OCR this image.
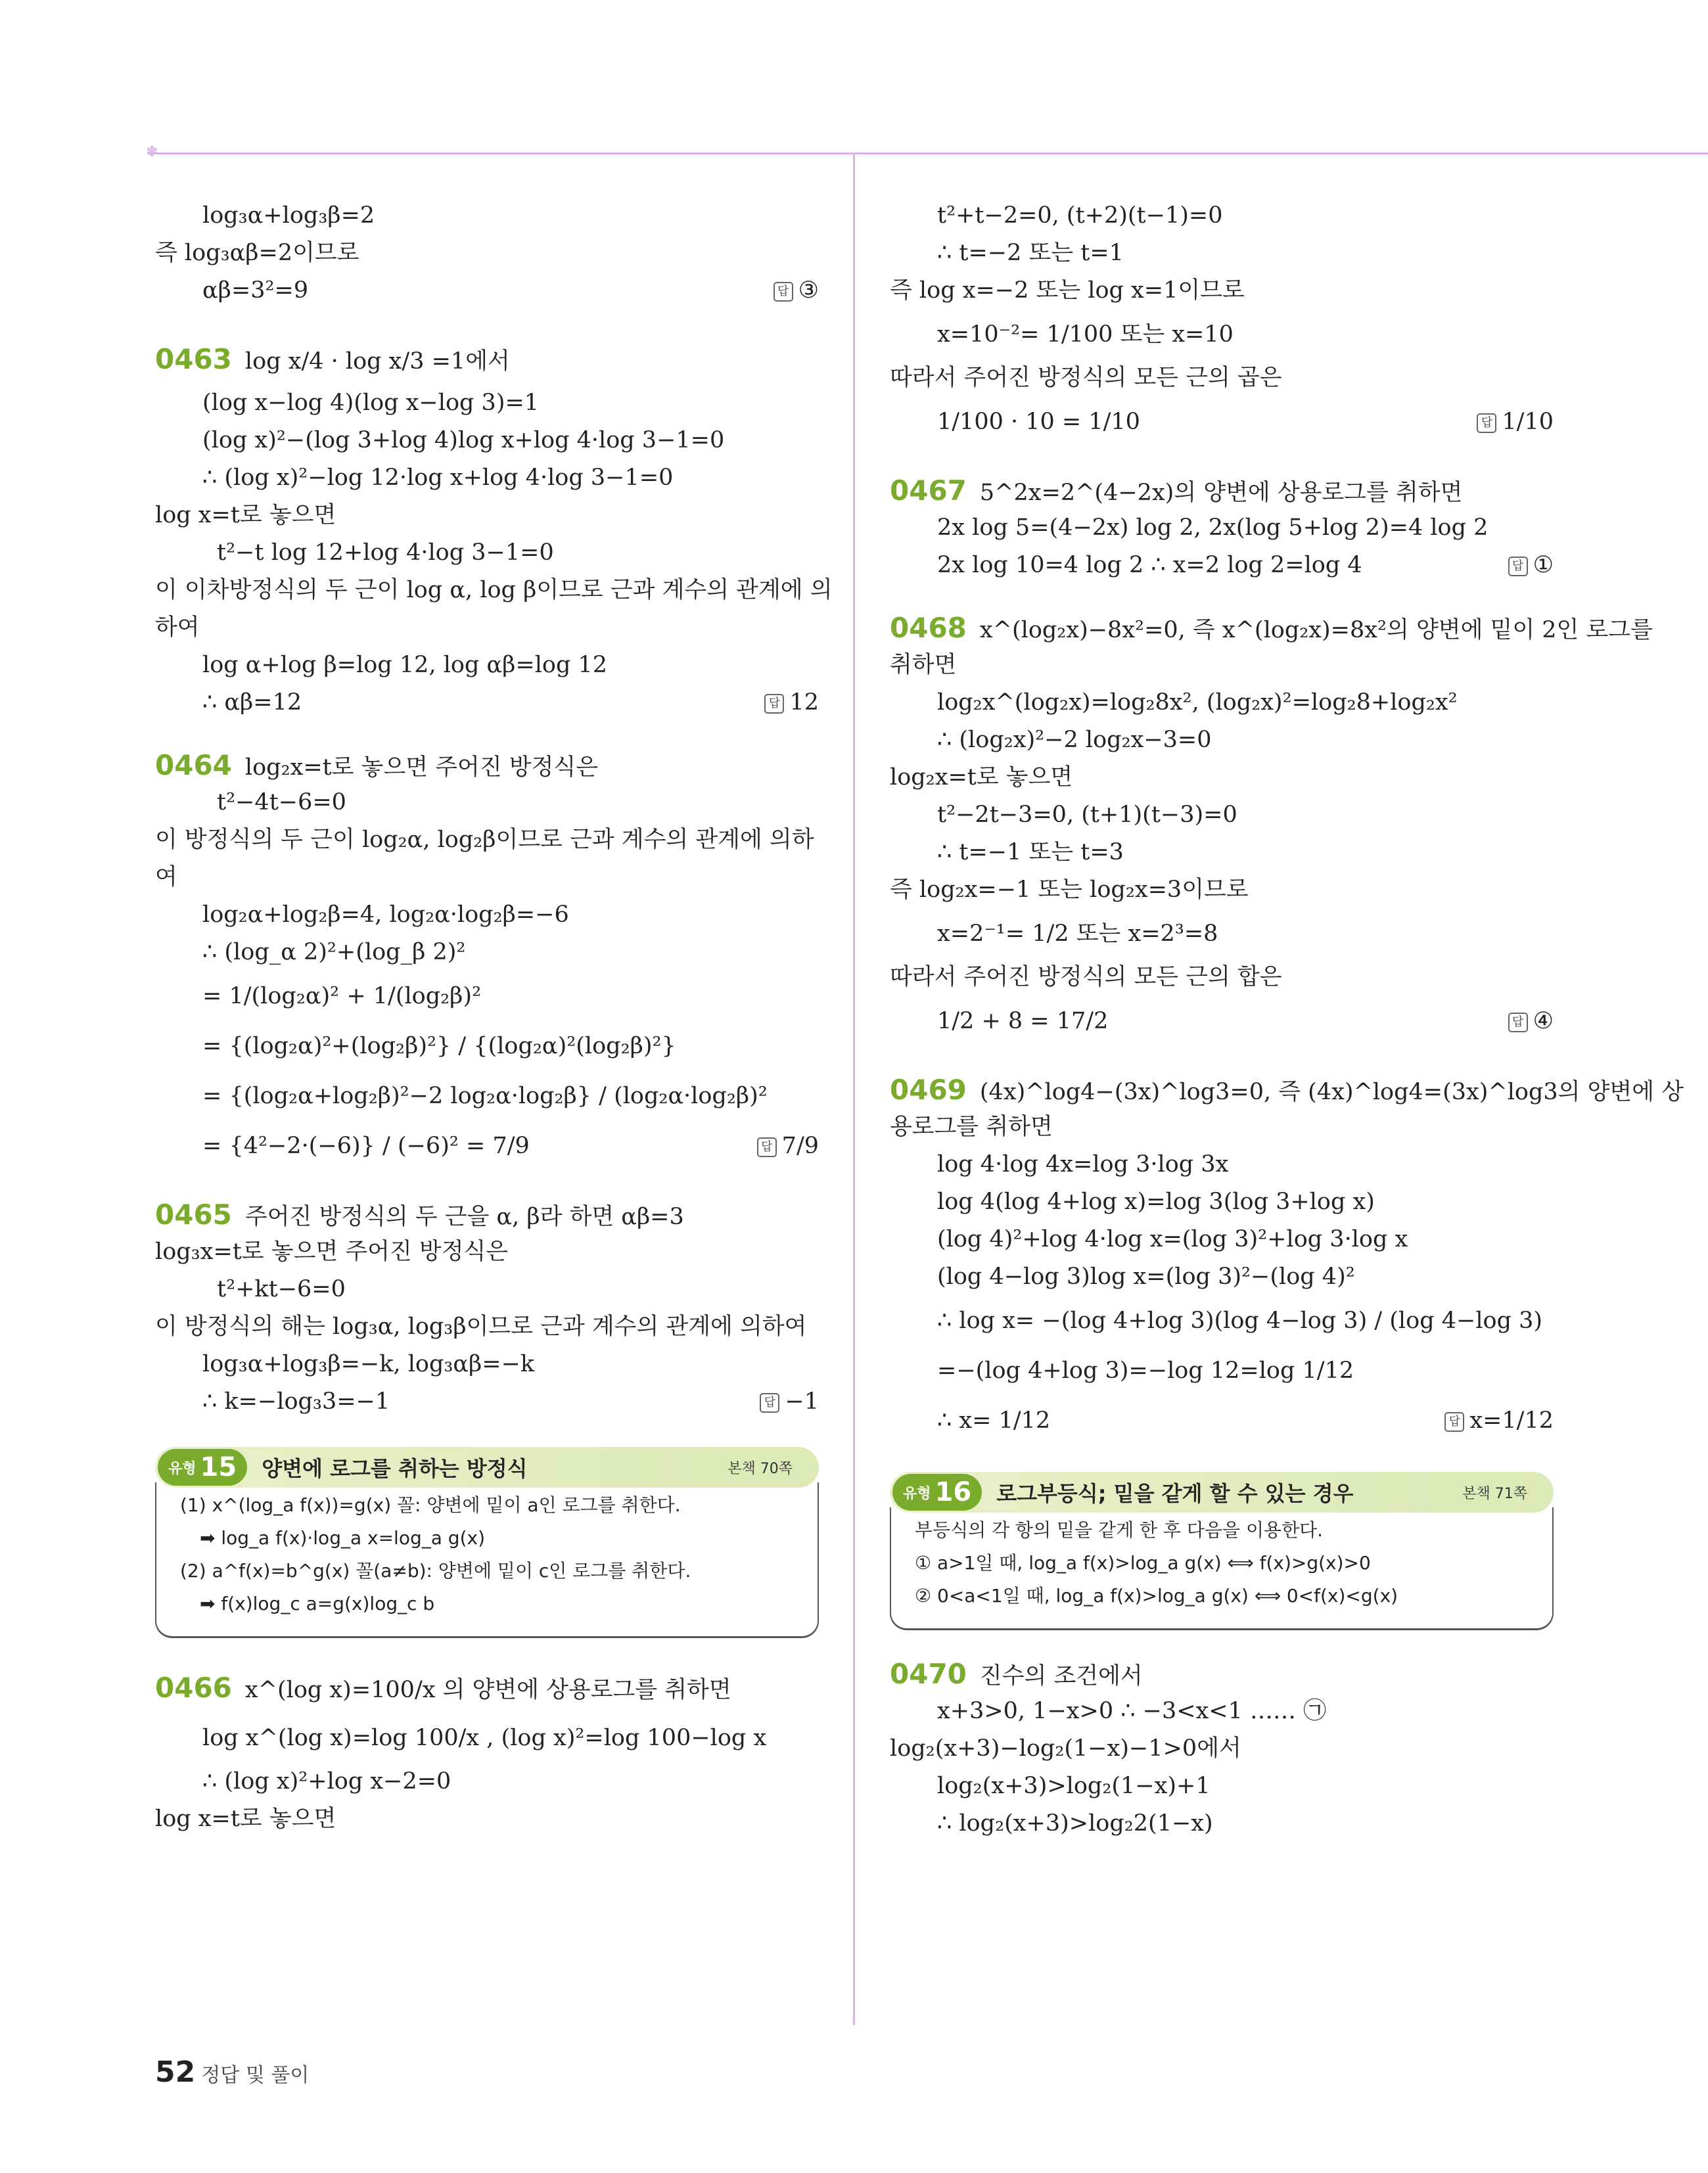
✽
log₃α+log₃β=2
즉 log₃αβ=2이므로
αβ=3²=9	답 ③
0463 log x/4 · log x/3 =1에서
(log x−log 4)(log x−log 3)=1
(log x)²−(log 3+log 4)log x+log 4·log 3−1=0
∴ (log x)²−log 12·log x+log 4·log 3−1=0
log x=t로 놓으면
t²−t log 12+log 4·log 3−1=0
이 이차방정식의 두 근이 log α, log β이므로 근과 계수의 관계에 의
하여
log α+log β=log 12, log αβ=log 12
∴ αβ=12	답 12
0464 log₂x=t로 놓으면 주어진 방정식은
t²−4t−6=0
이 방정식의 두 근이 log₂α, log₂β이므로 근과 계수의 관계에 의하
여
log₂α+log₂β=4, log₂α·log₂β=−6
∴ (log_α 2)²+(log_β 2)²
= 1/(log₂α)² + 1/(log₂β)²
= {(log₂α)²+(log₂β)²} / {(log₂α)²(log₂β)²}
= {(log₂α+log₂β)²−2 log₂α·log₂β} / (log₂α·log₂β)²
= {4²−2·(−6)} / (−6)² = 7/9	답 7/9
0465 주어진 방정식의 두 근을 α, β라 하면 αβ=3
log₃x=t로 놓으면 주어진 방정식은
t²+kt−6=0
이 방정식의 해는 log₃α, log₃β이므로 근과 계수의 관계에 의하여
log₃α+log₃β=−k, log₃αβ=−k
∴ k=−log₃3=−1	답 −1
유형 15 양변에 로그를 취하는 방정식	본책 70쪽
(1) x^(log_a f(x))=g(x) 꼴: 양변에 밑이 a인 로그를 취한다.
➡ log_a f(x)·log_a x=log_a g(x)
(2) a^f(x)=b^g(x) 꼴(a≠b): 양변에 밑이 c인 로그를 취한다.
➡ f(x)log_c a=g(x)log_c b
0466 x^(log x)=100/x 의 양변에 상용로그를 취하면
log x^(log x)=log 100/x , (log x)²=log 100−log x
∴ (log x)²+log x−2=0
log x=t로 놓으면
t²+t−2=0, (t+2)(t−1)=0
∴ t=−2 또는 t=1
즉 log x=−2 또는 log x=1이므로
x=10⁻²= 1/100 또는 x=10
따라서 주어진 방정식의 모든 근의 곱은
1/100 · 10 = 1/10	답 1/10
0467 5^2x=2^(4−2x)의 양변에 상용로그를 취하면
2x log 5=(4−2x) log 2, 2x(log 5+log 2)=4 log 2
2x log 10=4 log 2 ∴ x=2 log 2=log 4	답 ①
0468 x^(log₂x)−8x²=0, 즉 x^(log₂x)=8x²의 양변에 밑이 2인 로그를
취하면
log₂x^(log₂x)=log₂8x², (log₂x)²=log₂8+log₂x²
∴ (log₂x)²−2 log₂x−3=0
log₂x=t로 놓으면
t²−2t−3=0, (t+1)(t−3)=0
∴ t=−1 또는 t=3
즉 log₂x=−1 또는 log₂x=3이므로
x=2⁻¹= 1/2 또는 x=2³=8
따라서 주어진 방정식의 모든 근의 합은
1/2 + 8 = 17/2	답 ④
0469 (4x)^log4−(3x)^log3=0, 즉 (4x)^log4=(3x)^log3의 양변에 상
용로그를 취하면
log 4·log 4x=log 3·log 3x
log 4(log 4+log x)=log 3(log 3+log x)
(log 4)²+log 4·log x=(log 3)²+log 3·log x
(log 4−log 3)log x=(log 3)²−(log 4)²
∴ log x= −(log 4+log 3)(log 4−log 3) / (log 4−log 3)
=−(log 4+log 3)=−log 12=log 1/12
∴ x= 1/12	답 x=1/12
유형 16 로그부등식; 밑을 같게 할 수 있는 경우	본책 71쪽
부등식의 각 항의 밑을 같게 한 후 다음을 이용한다.
① a>1일 때, log_a f(x)>log_a g(x) ⟺ f(x)>g(x)>0
② 0<a<1일 때, log_a f(x)>log_a g(x) ⟺ 0<f(x)<g(x)
0470 진수의 조건에서
x+3>0, 1−x>0 ∴ −3<x<1 …… ㉠
log₂(x+3)−log₂(1−x)−1>0에서
log₂(x+3)>log₂(1−x)+1
∴ log₂(x+3)>log₂2(1−x)
52 정답 및 풀이
